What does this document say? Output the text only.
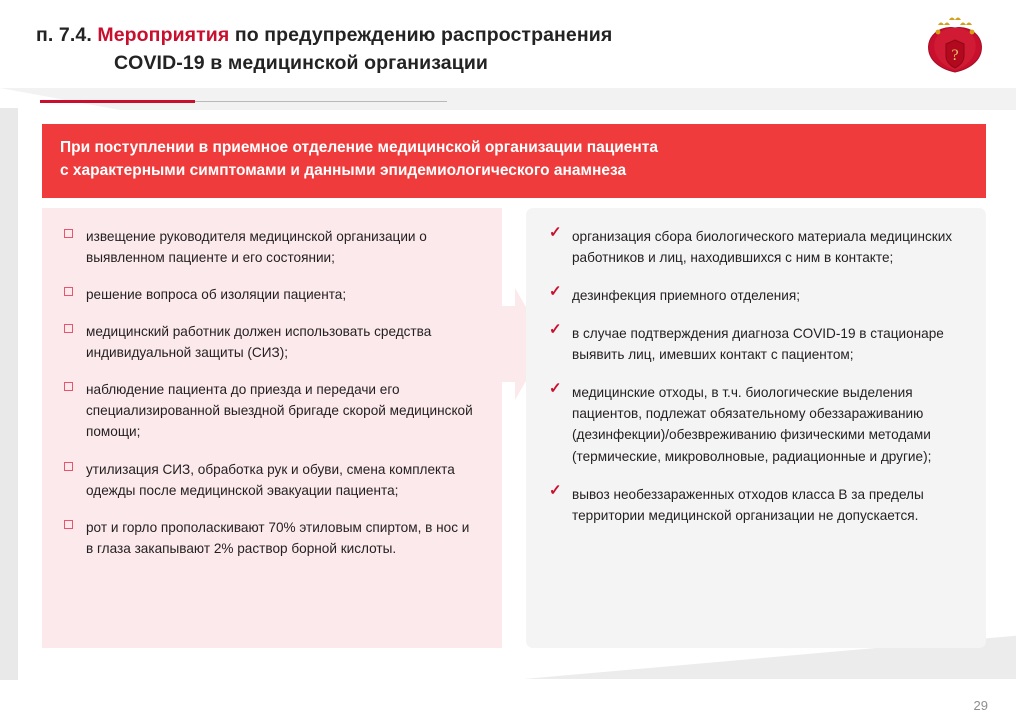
п. 7.4. Мероприятия по предупреждению распространения
COVID-19 в медицинской организации	?
При поступлении в приемное отделение медицинской организации пациента
с характерными симптомами и данными эпидемиологического анамнеза
извещение руководителя медицинской организации о выявленном пациенте и его состоянии;
решение вопроса об изоляции пациента;
медицинский работник должен использовать средства индивидуальной защиты (СИЗ);
наблюдение пациента до приезда и передачи его специализированной выездной бригаде скорой медицинской помощи;
утилизация СИЗ, обработка рук и обуви, смена комплекта одежды после медицинской эвакуации пациента;
рот и горло прополаскивают 70% этиловым спиртом, в нос и в глаза закапывают 2% раствор борной кислоты.
✓ организация сбора биологического материала медицинских работников и лиц, находившихся с ним в контакте;
✓ дезинфекция приемного отделения;
✓ в случае подтверждения диагноза COVID-19 в стационаре выявить лиц, имевших контакт с пациентом;
✓ медицинские отходы, в т.ч. биологические выделения пациентов, подлежат обязательному обеззараживанию (дезинфекции)/обезвреживанию физическими методами (термические, микроволновые, радиационные и другие);
✓ вывоз необеззараженных отходов класса В за пределы территории медицинской организации не допускается.
29
